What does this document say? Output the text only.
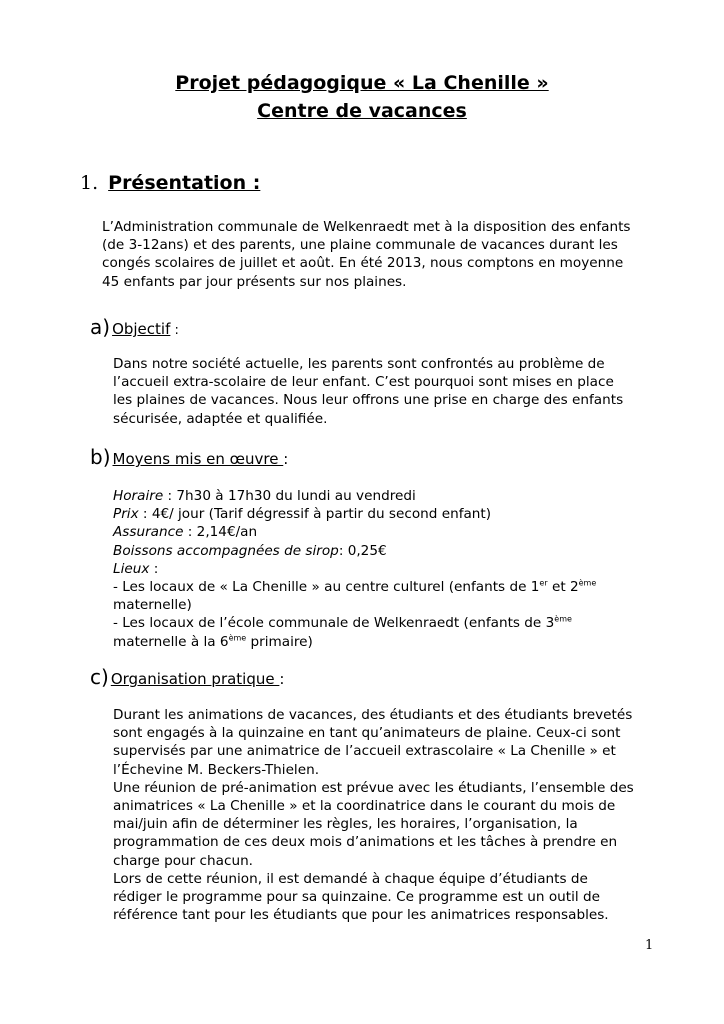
Projet pédagogique « La Chenille »
Centre de vacances
1. Présentation :
L’Administration communale de Welkenraedt met à la disposition des enfants
(de 3-12ans) et des parents, une plaine communale de vacances durant les
congés scolaires de juillet et août. En été 2013, nous comptons en moyenne
45 enfants par jour présents sur nos plaines.
a) Objectif :
Dans notre société actuelle, les parents sont confrontés au problème de
l’accueil extra-scolaire de leur enfant. C’est pourquoi sont mises en place
les plaines de vacances. Nous leur offrons une prise en charge des enfants
sécurisée, adaptée et qualifiée.
b) Moyens mis en œuvre :
Horaire : 7h30 à 17h30 du lundi au vendredi
Prix : 4€/ jour (Tarif dégressif à partir du second enfant)
Assurance : 2,14€/an
Boissons accompagnées de sirop: 0,25€
Lieux :
- Les locaux de « La Chenille » au centre culturel (enfants de 1er et 2ème
maternelle)
- Les locaux de l’école communale de Welkenraedt (enfants de 3ème
maternelle à la 6ème primaire)
c) Organisation pratique :
Durant les animations de vacances, des étudiants et des étudiants brevetés
sont engagés à la quinzaine en tant qu’animateurs de plaine. Ceux-ci sont
supervisés par une animatrice de l’accueil extrascolaire « La Chenille » et
l’Échevine M. Beckers-Thielen.
Une réunion de pré-animation est prévue avec les étudiants, l’ensemble des
animatrices « La Chenille » et la coordinatrice dans le courant du mois de
mai/juin afin de déterminer les règles, les horaires, l’organisation, la
programmation de ces deux mois d’animations et les tâches à prendre en
charge pour chacun.
Lors de cette réunion, il est demandé à chaque équipe d’étudiants de
rédiger le programme pour sa quinzaine. Ce programme est un outil de
référence tant pour les étudiants que pour les animatrices responsables.
1
